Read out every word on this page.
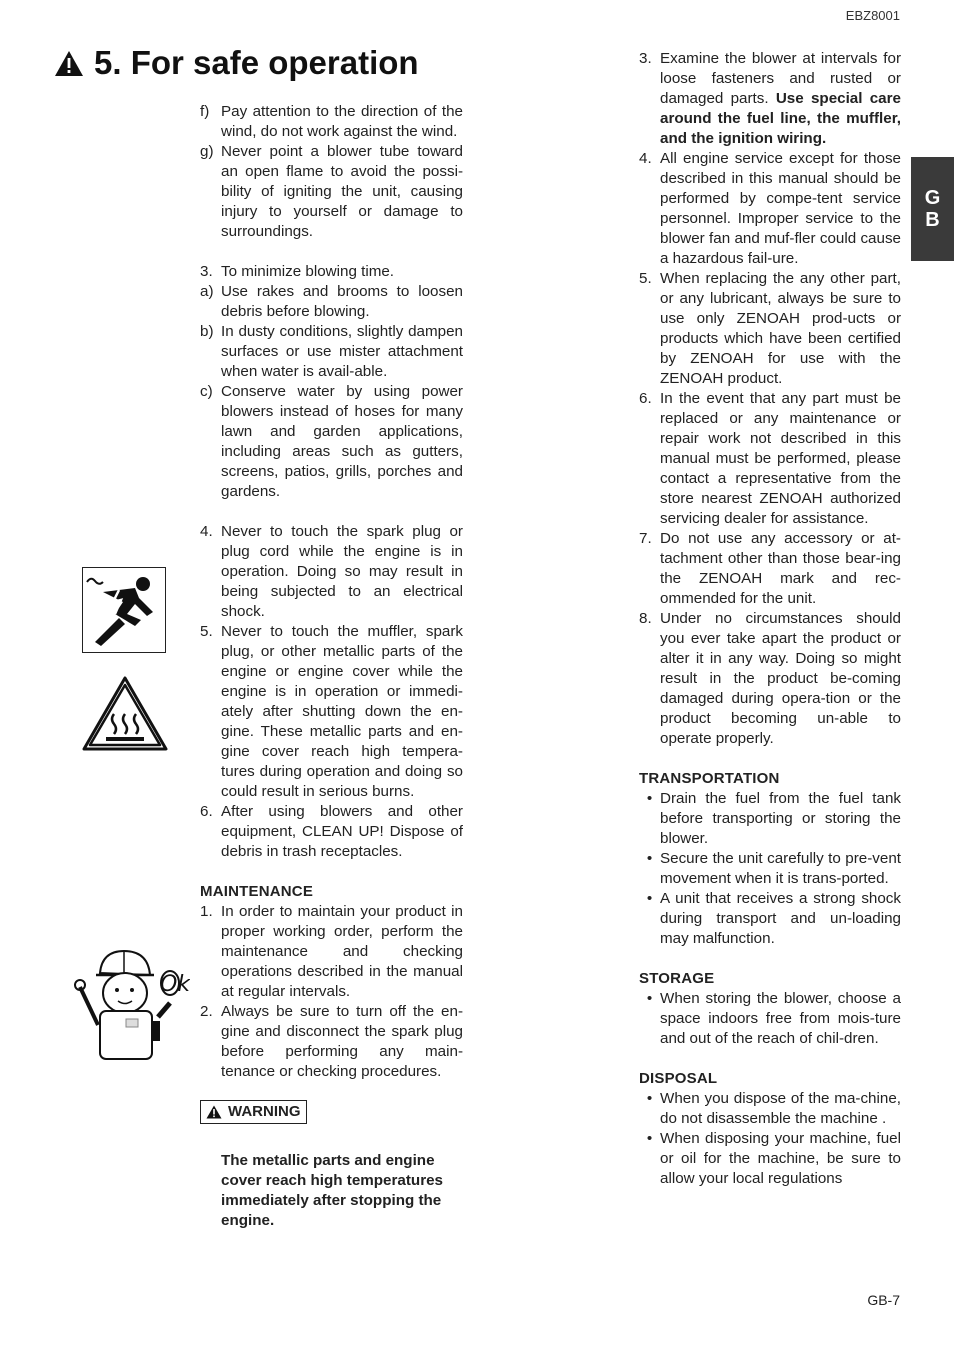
EBZ8001
5. For safe operation
G
B
Ok
f) Pay attention to the direction of the wind, do not work against the wind.
g) Never point a blower tube toward an open flame to avoid the possi-bility of igniting the unit, causing injury to yourself or damage to surroundings.
3. To minimize blowing time.
a) Use rakes and brooms to loosen debris before blowing.
b) In dusty conditions, slightly dampen surfaces or use mister attachment when water is avail-able.
c) Conserve water by using power blowers instead of hoses for many lawn and garden applications, including areas such as gutters, screens, patios, grills, porches and gardens.
4. Never to touch the spark plug or plug cord while the engine is in operation. Doing so may result in being subjected to an electrical shock.
5. Never to touch the muffler, spark plug, or other metallic parts of the engine or engine cover while the engine is in operation or immedi-ately after shutting down the en-gine. These metallic parts and en-gine cover reach high tempera-tures during operation and doing so could result in serious burns.
6. After using blowers and other equipment, CLEAN UP! Dispose of debris in trash receptacles.
MAINTENANCE
1. In order to maintain your product in proper working order, perform the maintenance and checking operations described in the manual at regular intervals.
2. Always be sure to turn off the en-gine and disconnect the spark plug before performing any main-tenance or checking procedures.
WARNING
The metallic parts and engine cover reach high temperatures immediately after stopping the engine.
3. Examine the blower at intervals for loose fasteners and rusted or damaged parts. Use special care around the fuel line, the muffler, and the ignition wiring.
4. All engine service except for those described in this manual should be performed by compe-tent service personnel. Improper service to the blower fan and muf-fler could cause a hazardous fail-ure.
5. When replacing the any other part, or any lubricant, always be sure to use only ZENOAH prod-ucts or products which have been certified by ZENOAH for use with the ZENOAH product.
6. In the event that any part must be replaced or any maintenance or repair work not described in this manual must be performed, please contact a representative from the store nearest ZENOAH authorized servicing dealer for assistance.
7. Do not use any accessory or at-tachment other than those bear-ing the ZENOAH mark and rec-ommended for the unit.
8. Under no circumstances should you ever take apart the product or alter it in any way. Doing so might result in the product be-coming damaged during opera-tion or the product becoming un-able to operate properly.
TRANSPORTATION
• Drain the fuel from the fuel tank before transporting or storing the blower.
• Secure the unit carefully to pre-vent movement when it is trans-ported.
• A unit that receives a strong shock during transport and un-loading may malfunction.
STORAGE
• When storing the blower, choose a space indoors free from mois-ture and out of the reach of chil-dren.
DISPOSAL
• When you dispose of the ma-chine, do not disassemble the machine .
• When disposing your machine, fuel or oil for the machine, be sure to allow your local regulations
GB-7
